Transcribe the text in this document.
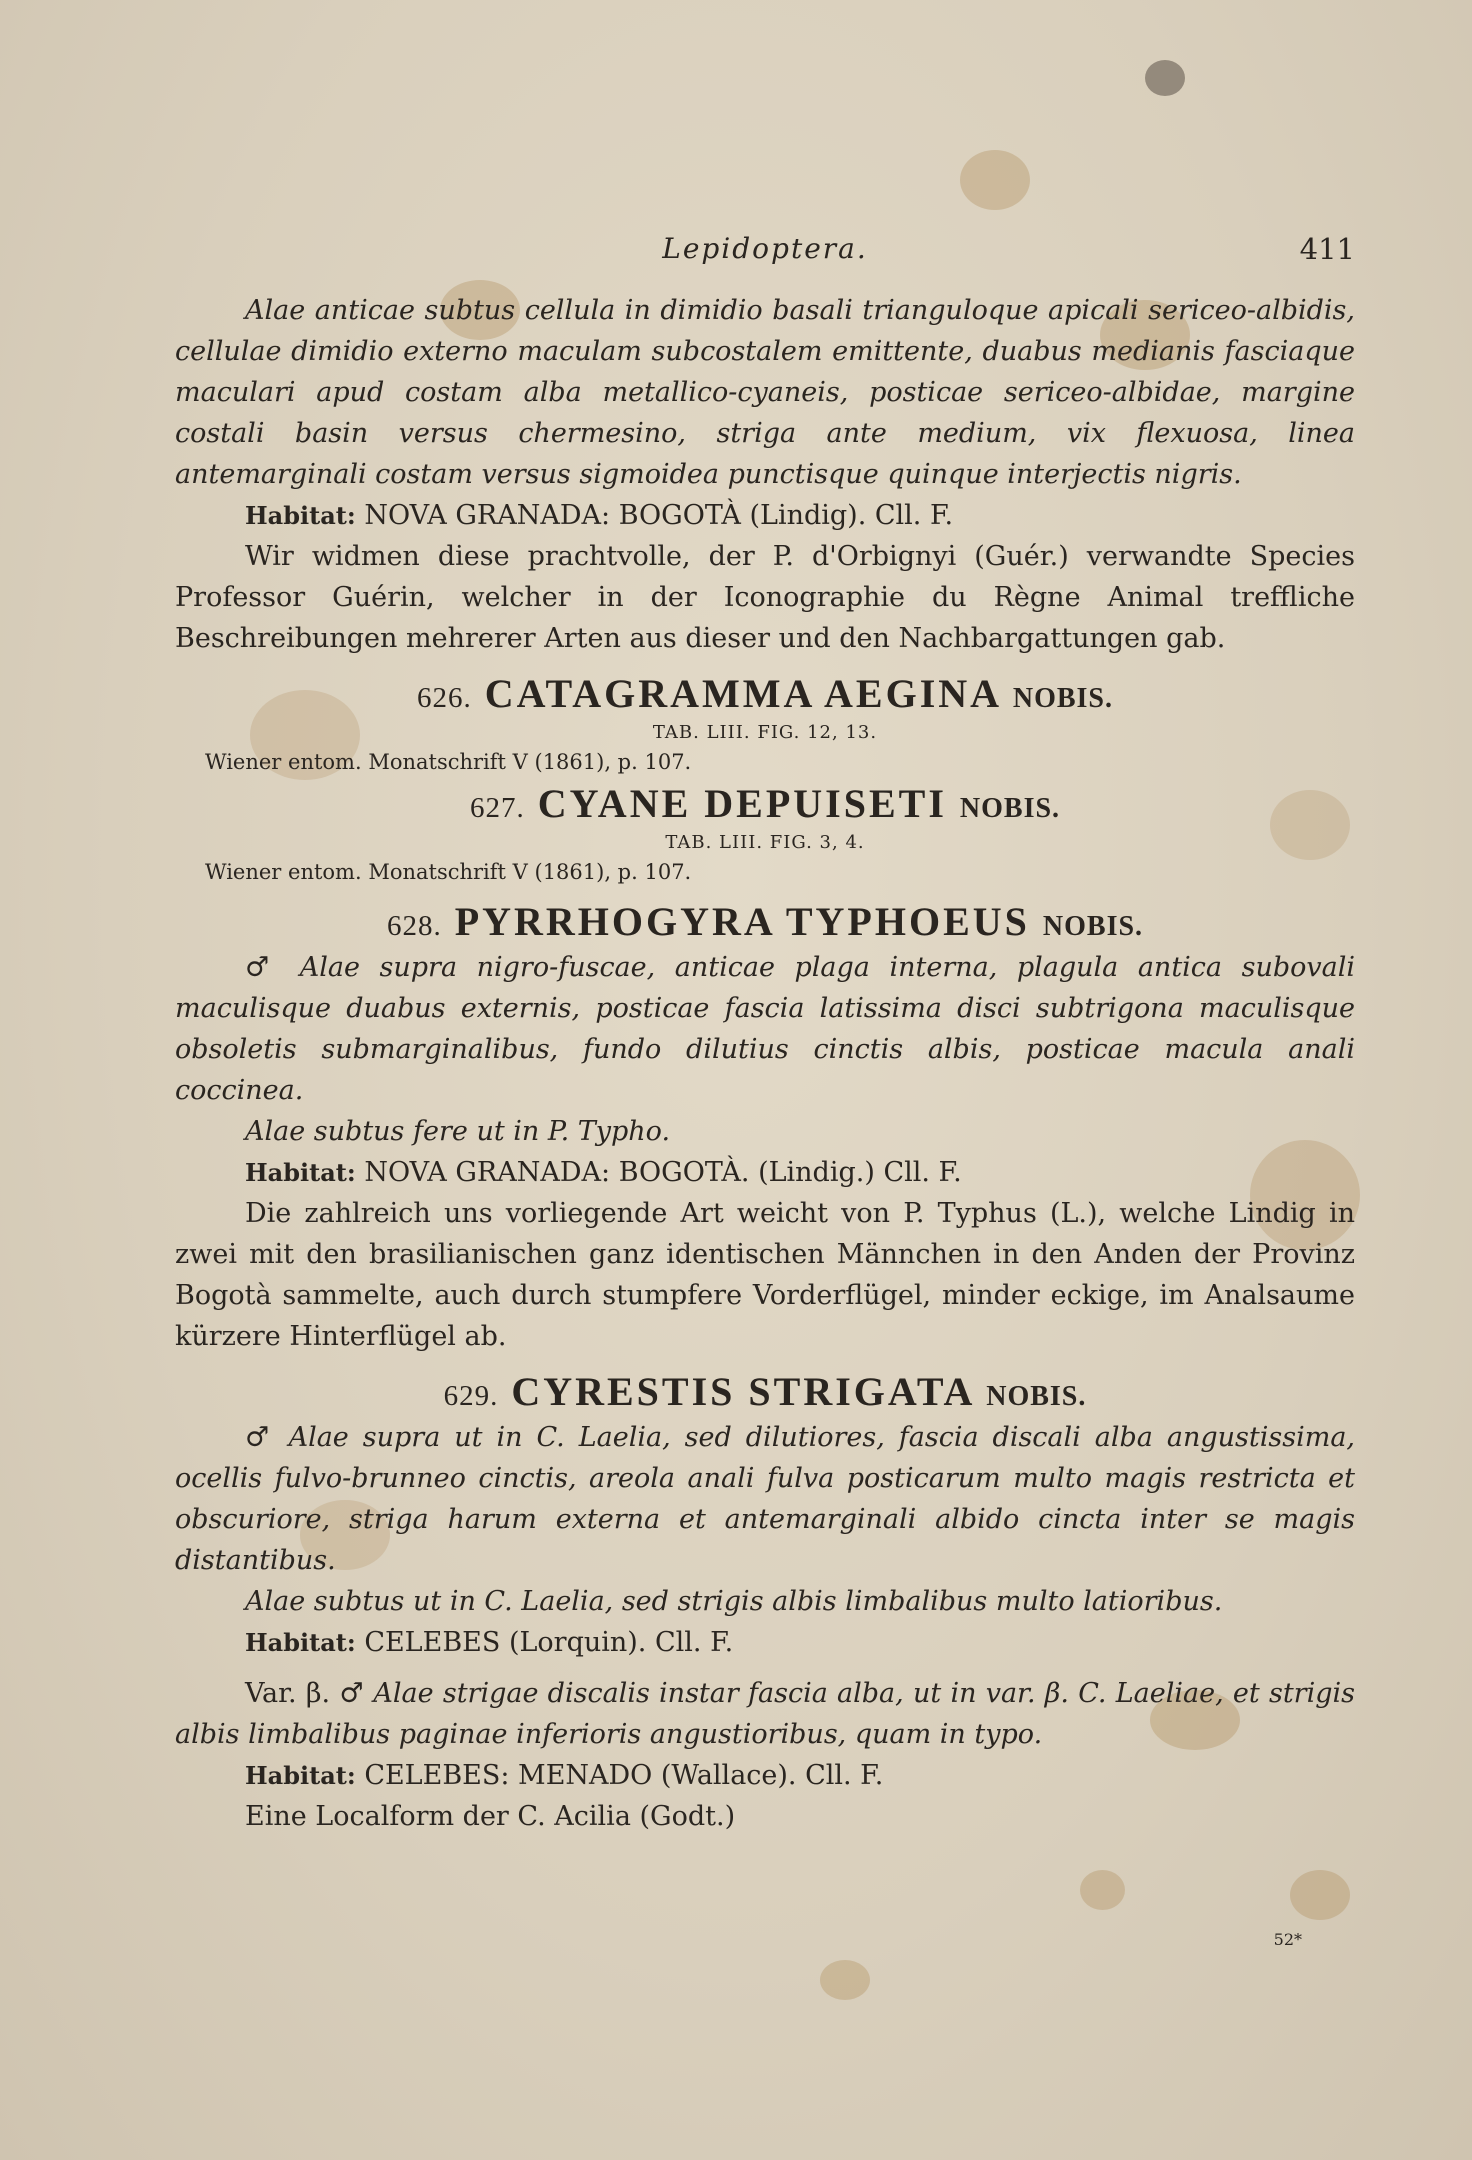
Lepidoptera.	411

Alae anticae subtus cellula in dimidio basali trianguloque apicali sericeo-albidis, cellulae dimidio externo maculam subcostalem emittente, duabus medianis fasciaque maculari apud costam alba metallico-cyaneis, posticae sericeo-albidae, margine costali basin versus chermesino, striga ante medium, vix flexuosa, linea antemarginali costam versus sigmoidea punctisque quinque interjectis nigris.

Habitat: NOVA GRANADA: BOGOTÀ (Lindig). Cll. F.

Wir widmen diese prachtvolle, der P. d'Orbignyi (Guér.) verwandte Species Professor Guérin, welcher in der Iconographie du Règne Animal treffliche Beschreibungen mehrerer Arten aus dieser und den Nachbargattungen gab.

626. CATAGRAMMA AEGINA NOBIS.

TAB. LIII. FIG. 12, 13.

Wiener entom. Monatschrift V (1861), p. 107.

627. CYANE DEPUISETI NOBIS.

TAB. LIII. FIG. 3, 4.

Wiener entom. Monatschrift V (1861), p. 107.

628. PYRRHOGYRA TYPHOEUS NOBIS.

♂ Alae supra nigro-fuscae, anticae plaga interna, plagula antica subovali maculisque duabus externis, posticae fascia latissima disci subtrigona maculisque obsoletis submarginalibus, fundo dilutius cinctis albis, posticae macula anali coccinea.

Alae subtus fere ut in P. Typho.

Habitat: NOVA GRANADA: BOGOTÀ. (Lindig.) Cll. F.

Die zahlreich uns vorliegende Art weicht von P. Typhus (L.), welche Lindig in zwei mit den brasilianischen ganz identischen Männchen in den Anden der Provinz Bogotà sammelte, auch durch stumpfere Vorderflügel, minder eckige, im Analsaume kürzere Hinterflügel ab.

629. CYRESTIS STRIGATA NOBIS.

♂ Alae supra ut in C. Laelia, sed dilutiores, fascia discali alba angustissima, ocellis fulvo-brunneo cinctis, areola anali fulva posticarum multo magis restricta et obscuriore, striga harum externa et antemarginali albido cincta inter se magis distantibus.

Alae subtus ut in C. Laelia, sed strigis albis limbalibus multo latioribus.

Habitat: CELEBES (Lorquin). Cll. F.

Var. β. ♂ Alae strigae discalis instar fascia alba, ut in var. β. C. Laeliae, et strigis albis limbalibus paginae inferioris angustioribus, quam in typo.

Habitat: CELEBES: MENADO (Wallace). Cll. F.

Eine Localform der C. Acilia (Godt.)

52*
